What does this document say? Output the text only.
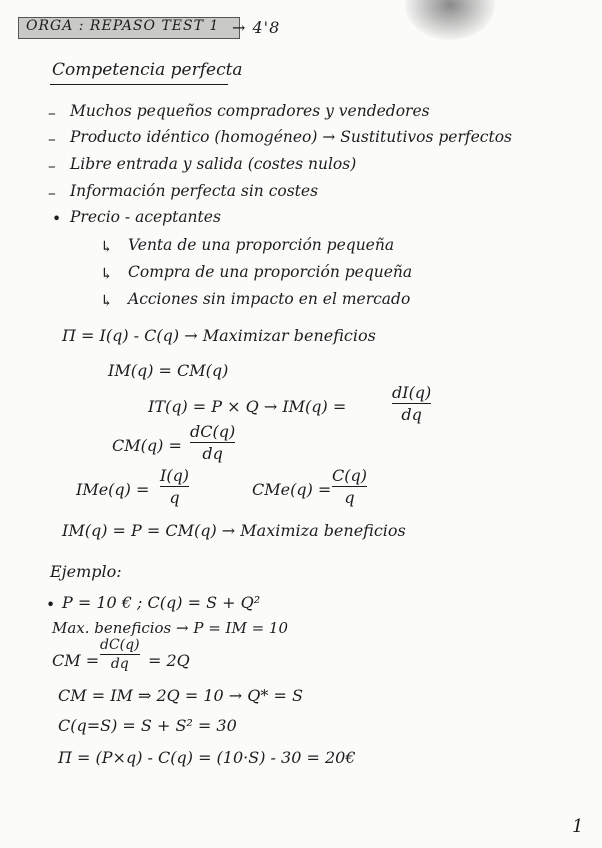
ORGA : REPASO TEST 1 → 4'8
Competencia perfecta
– Muchos pequeños compradores y vendedores
– Producto idéntico (homogéneo) → Sustitutivos perfectos
– Libre entrada y salida (costes nulos)
– Información perfecta sin costes
• Precio - aceptantes
↳ Venta de una proporción pequeña
↳ Compra de una proporción pequeña
↳ Acciones sin impacto en el mercado
Π = I(q) - C(q) → Maximizar beneficios
IM(q) = CM(q)
IT(q) = P × Q → IM(q) =
dI(q)
dq
CM(q) =
dC(q)
dq
IMe(q) =
I(q)
q	CMe(q) =
C(q)
q
IM(q) = P = CM(q) → Maximiza beneficios
Ejemplo:
• P = 10 € ; C(q) = S + Q²
Max. beneficios → P = IM = 10
CM =
dC(q)
dq = 2Q
CM = IM ⇒ 2Q = 10 → Q* = S
C(q=S) = S + S² = 30
Π = (P×q) - C(q) = (10·S) - 30 = 20€
1
